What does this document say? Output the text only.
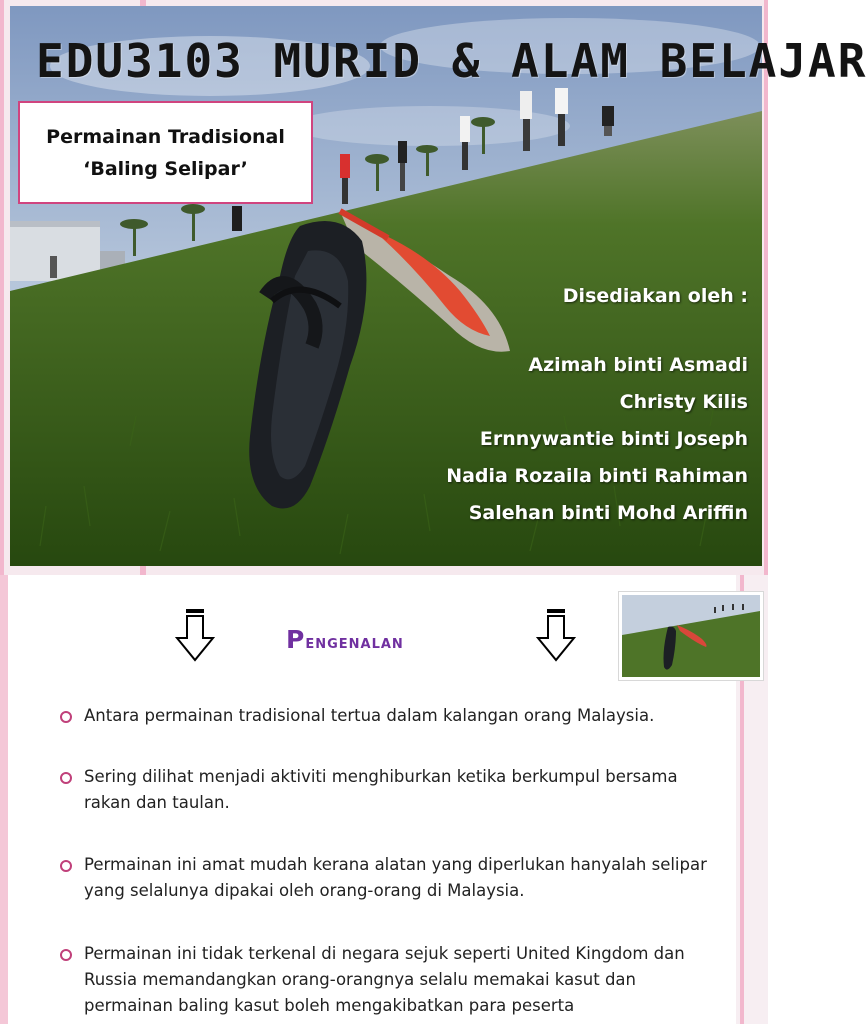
EDU3103 MURID & ALAM BELAJAR
Permainan Tradisional
‘Baling Selipar’
Disediakan oleh :
Azimah binti Asmadi
Christy Kilis
Ernnywantie binti Joseph
Nadia Rozaila binti Rahiman
Salehan binti Mohd Ariffin
Pengenalan
Antara permainan tradisional tertua dalam kalangan orang Malaysia.
Sering dilihat menjadi aktiviti menghiburkan ketika berkumpul bersama rakan dan taulan.
Permainan ini amat mudah kerana alatan yang diperlukan hanyalah selipar yang selalunya dipakai oleh orang-orang di Malaysia.
Permainan ini tidak terkenal di negara sejuk seperti United Kingdom dan Russia memandangkan orang-orangnya selalu memakai kasut dan permainan baling kasut boleh mengakibatkan para peserta
